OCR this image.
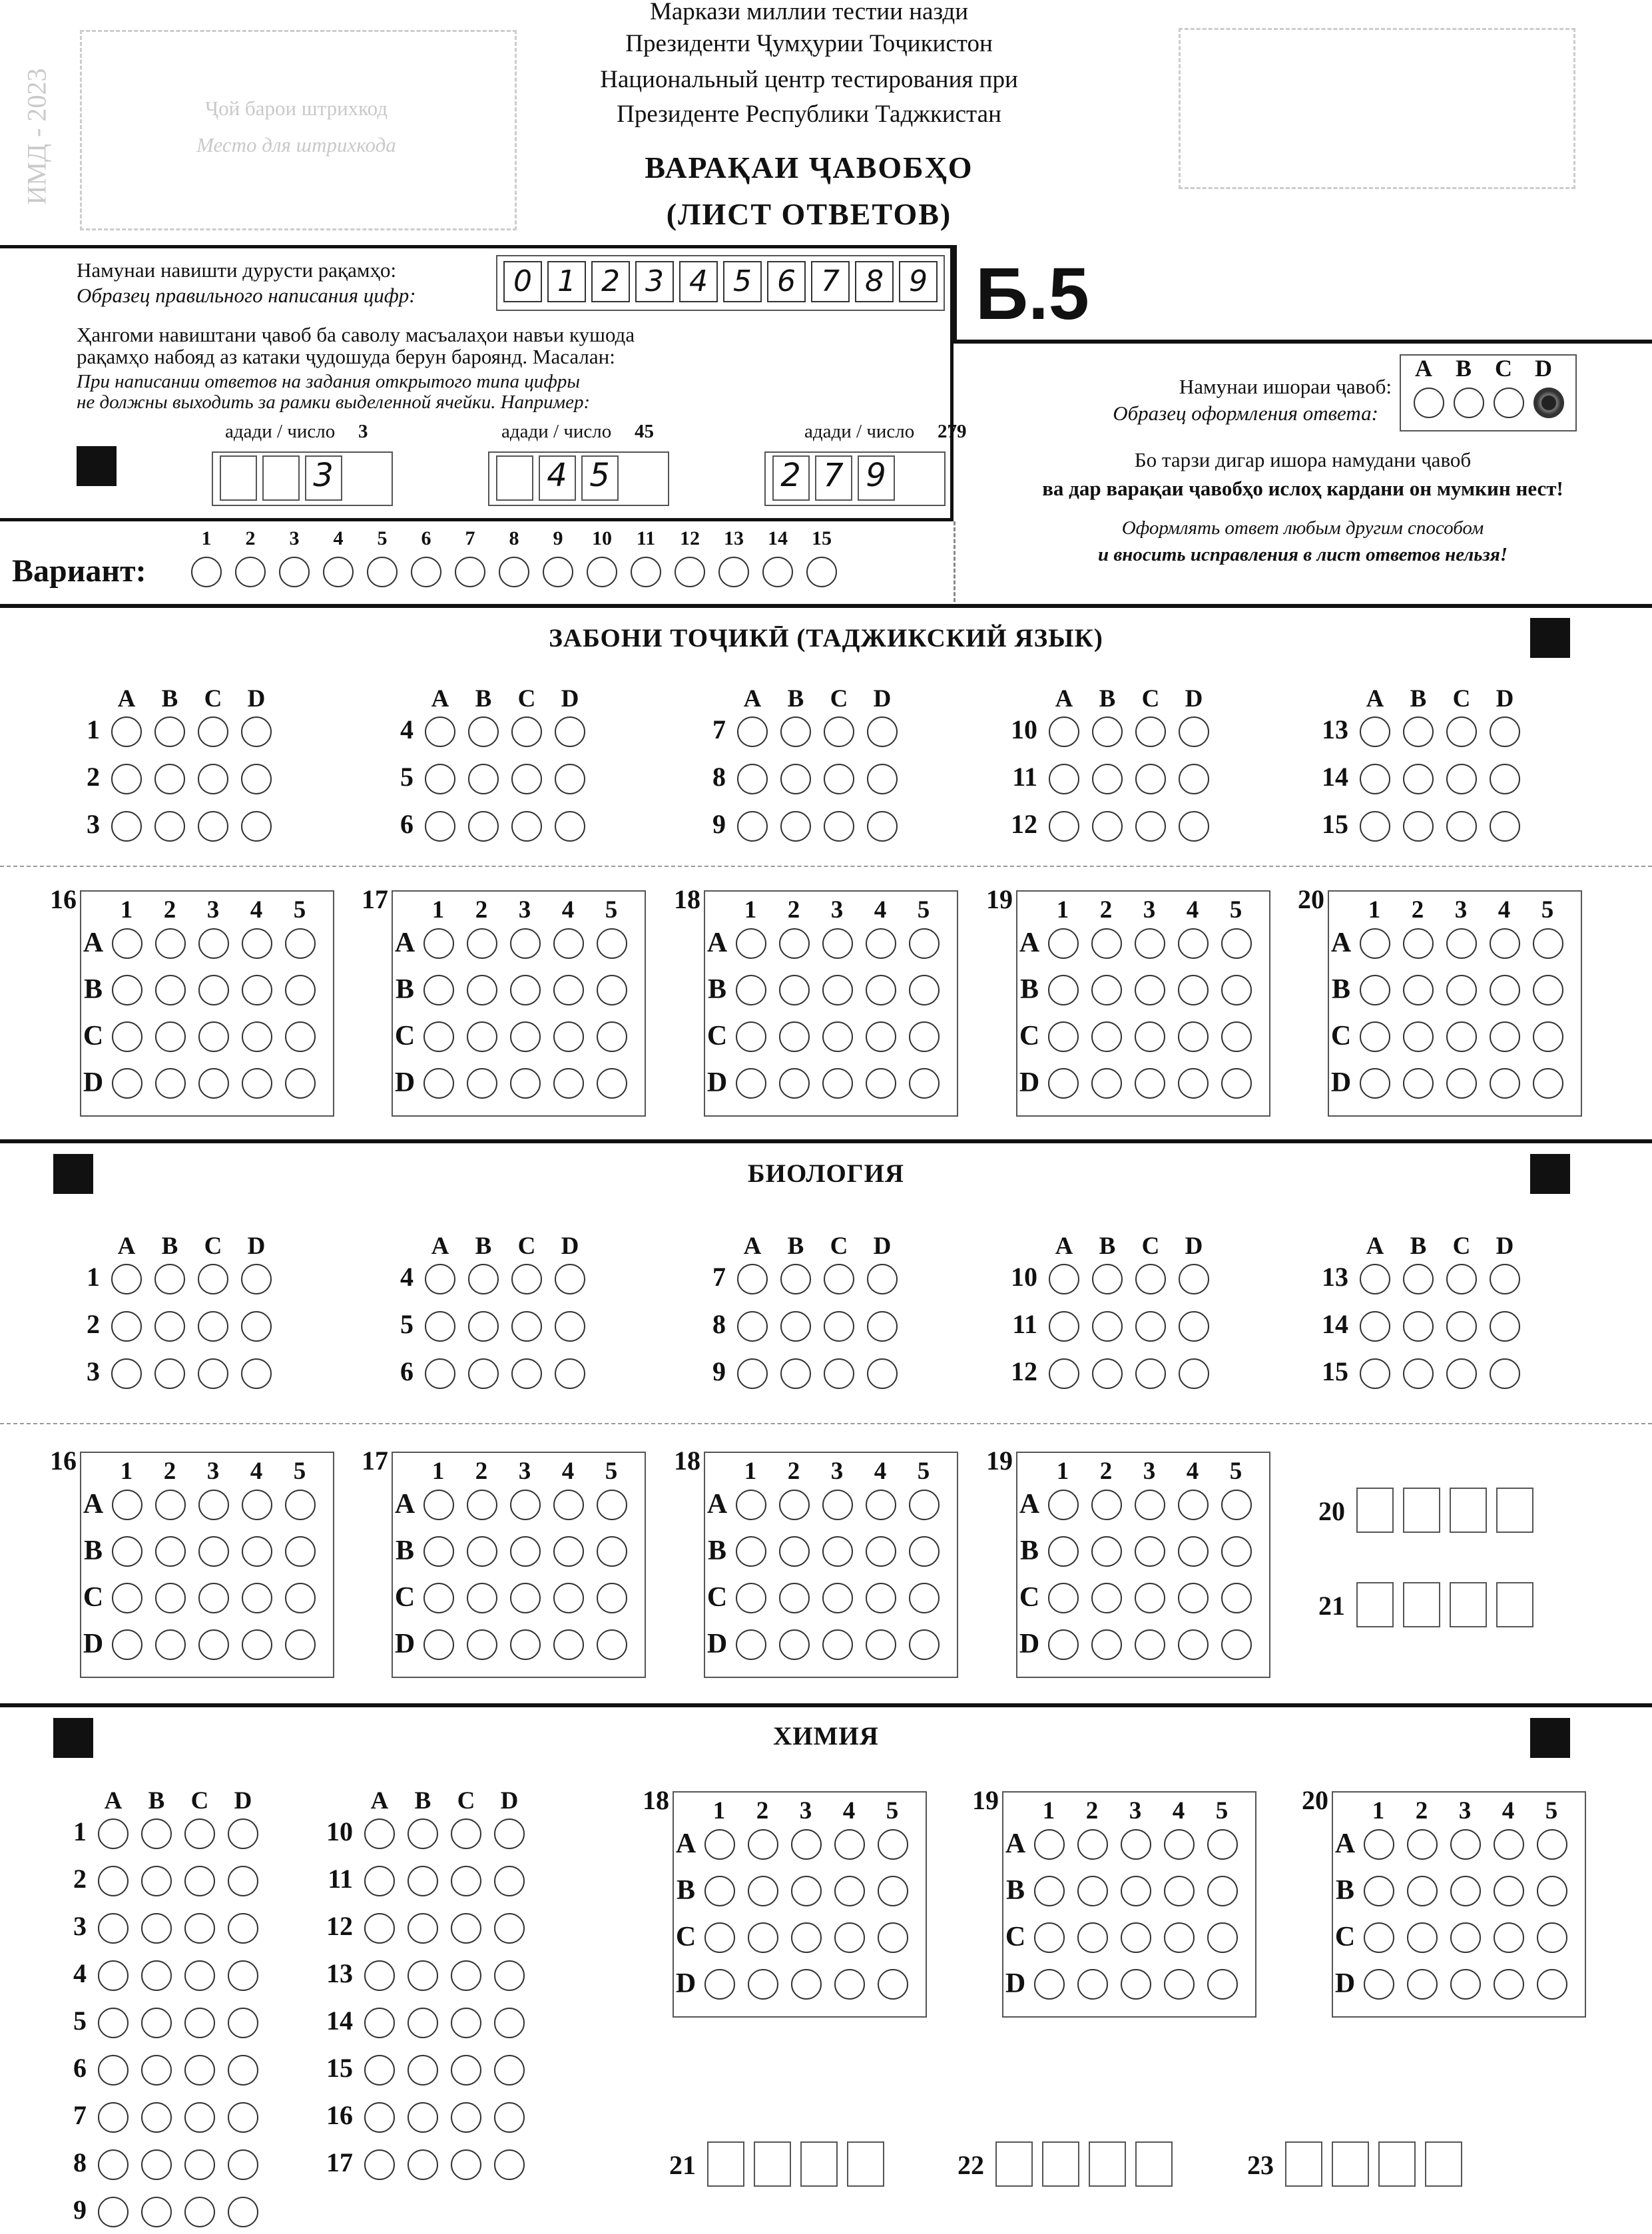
Маркази миллии тестии назди
Президенти Ҷумҳурии Тоҷикистон
Национальный центр тестирования при
Президенте Республики Таджкистан
ВАРАҚАИ ҶАВОБҲО
(ЛИСТ ОТВЕТОВ)
ИМД - 2023	Ҷой барои штрихкод
Место для штрихкода
Намунаи навишти дурусти рақамҳо:
Образец правильного написания цифр:	0 1 2 3 4 5 6 7 8 9
Ҳангоми навиштани ҷавоб ба саволу масъалаҳои навъи кушода
рақамҳо набояд аз катаки ҷудошуда берун бароянд. Масалан:
При написании ответов на задания открытого типа цифры
не должны выходить за рамки выделенной ячейки. Например:
адади / число 3
3
адади / число 45
4 5
адади / число 279
2 7 9
Б.5
Намунаи ишораи ҷавоб:
Образец оформления ответа:
A B C D
Бо тарзи дигар ишора намудани ҷавоб
ва дар варақаи ҷавобҳо ислоҳ кардани он мумкин нест!
Оформлять ответ любым другим способом
и вносить исправления в лист ответов нельзя!
Вариант:
1	2	3	4	5	6	7	8	9	10	11	12	13	14	15
ЗАБОНИ ТОҶИКӢ (ТАДЖИКСКИЙ ЯЗЫК)
A	B	C	D
1
2
3
A	B	C	D
4
5
6
A	B	C	D
7
8
9
A	B	C	D
10
11
12
A	B	C	D
13
14
15
16	1	2	3	4	5
A
B
C
D
17	1	2	3	4	5
A
B
C
D
18	1	2	3	4	5
A
B
C
D
19	1	2	3	4	5
A
B
C
D
20	1	2	3	4	5
A
B
C
D
БИОЛОГИЯ
A	B	C	D
1
2
3
A	B	C	D
4
5
6
A	B	C	D
7
8
9
A	B	C	D
10
11
12
A	B	C	D
13
14
15
16	1	2	3	4	5
A
B
C
D
17	1	2	3	4	5
A
B
C
D
18	1	2	3	4	5
A
B
C
D
19	1	2	3	4	5
A
B
C
D
20
21
ХИМИЯ
A	B	C	D
1
2
3
4
5
6
7
8
9
A	B	C	D
10
11
12
13
14
15
16
17
18	1	2	3	4	5
A
B
C
D
19	1	2	3	4	5
A
B
C
D
20	1	2	3	4	5
A
B
C
D
21	22	23
